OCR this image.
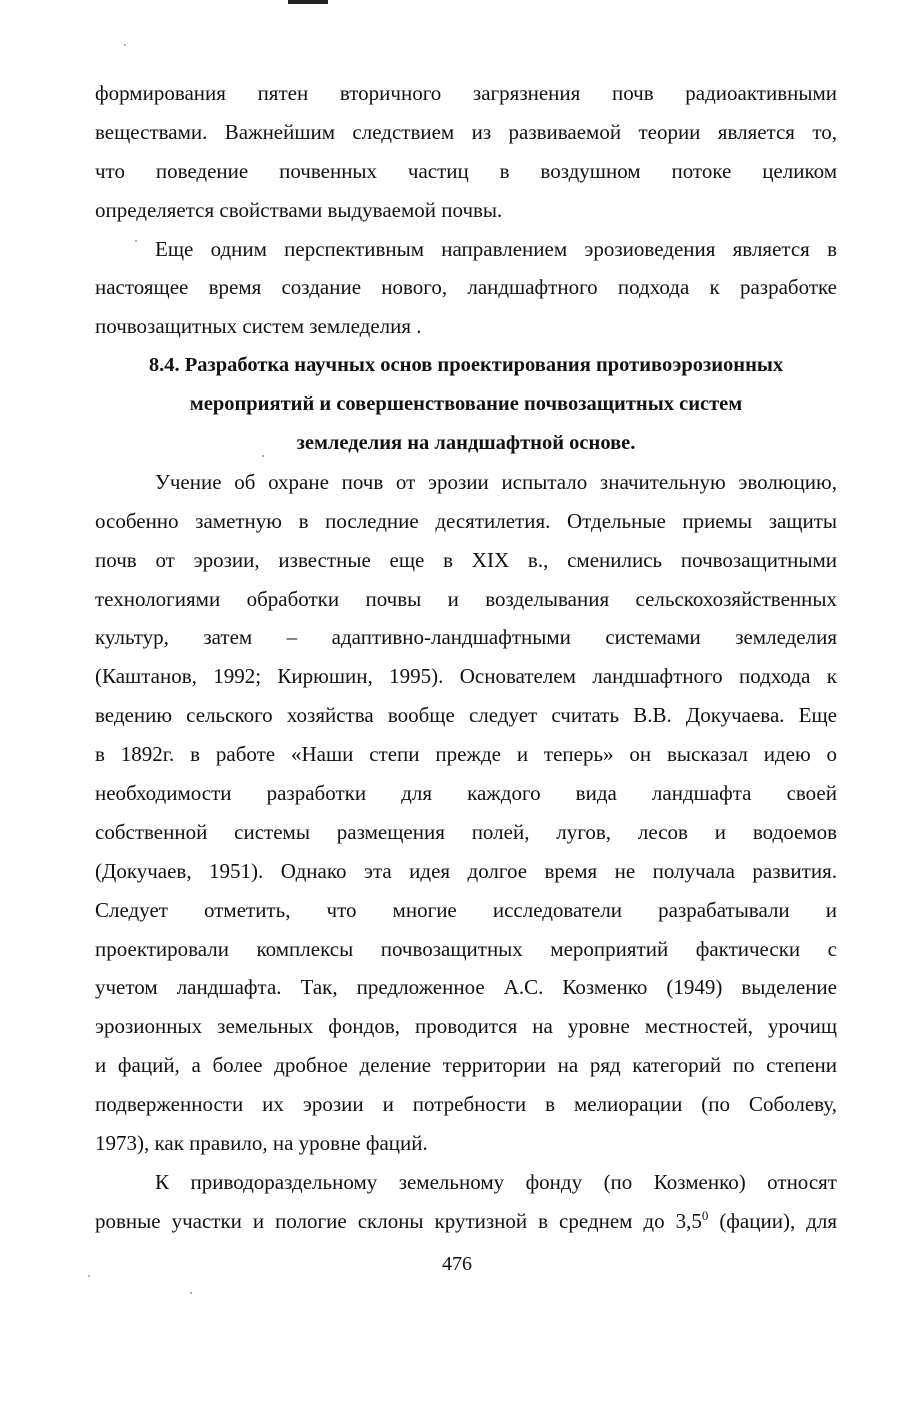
формирования пятен вторичного загрязнения почв радиоактивными
веществами. Важнейшим следствием из развиваемой теории является то,
что поведение почвенных частиц в воздушном потоке целиком
определяется свойствами выдуваемой почвы.
Еще одним перспективным направлением эрозиоведения является в
настоящее время создание нового, ландшафтного подхода к разработке
почвозащитных систем земледелия .
8.4. Разработка научных основ проектирования противоэрозионных
мероприятий и совершенствование почвозащитных систем
земледелия на ландшафтной основе.
Учение об охране почв от эрозии испытало значительную эволюцию,
особенно заметную в последние десятилетия. Отдельные приемы защиты
почв от эрозии, известные еще в XIX в., сменились почвозащитными
технологиями обработки почвы и возделывания сельскохозяйственных
культур, затем – адаптивно-ландшафтными системами земледелия
(Каштанов, 1992; Кирюшин, 1995). Основателем ландшафтного подхода к
ведению сельского хозяйства вообще следует считать В.В. Докучаева. Еще
в 1892г. в работе «Наши степи прежде и теперь» он высказал идею о
необходимости разработки для каждого вида ландшафта своей
собственной системы размещения полей, лугов, лесов и водоемов
(Докучаев, 1951). Однако эта идея долгое время не получала развития.
Следует отметить, что многие исследователи разрабатывали и
проектировали комплексы почвозащитных мероприятий фактически с
учетом ландшафта. Так, предложенное А.С. Козменко (1949) выделение
эрозионных земельных фондов, проводится на уровне местностей, урочищ
и фаций, а более дробное деление территории на ряд категорий по степени
подверженности их эрозии и потребности в мелиорации (по Соболеву,
1973), как правило, на уровне фаций.
К приводораздельному земельному фонду (по Козменко) относят
ровные участки и пологие склоны крутизной в среднем до $3,5^0$ (фации), для
476
